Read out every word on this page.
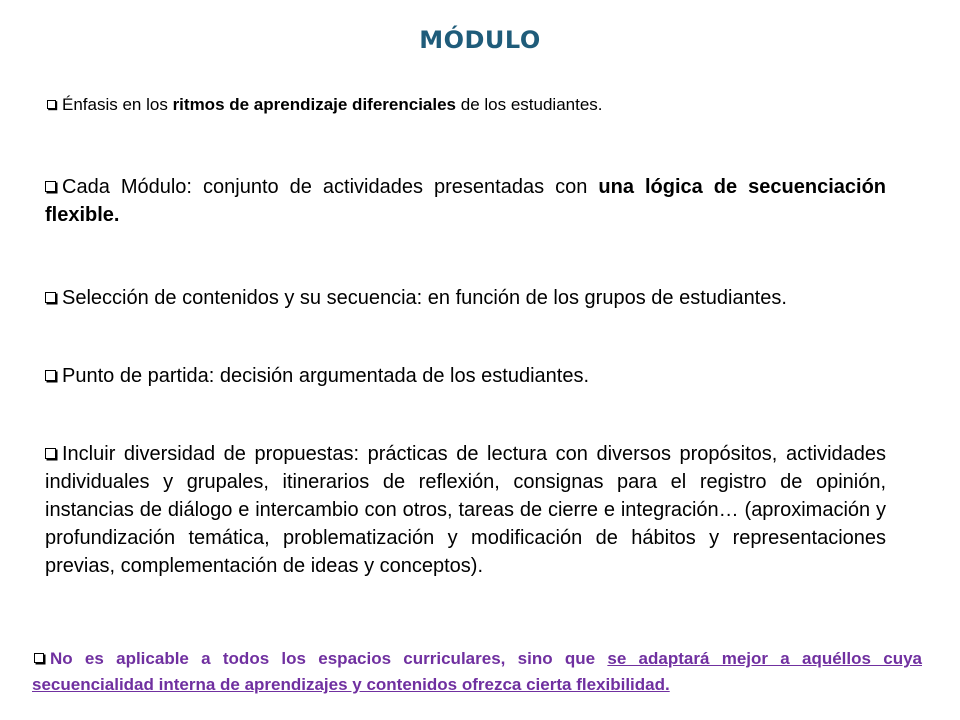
MÓDULO
Énfasis en los ritmos de aprendizaje diferenciales de los estudiantes.
Cada Módulo: conjunto de actividades presentadas con una lógica de secuenciación flexible.
Selección de contenidos y su secuencia: en función de los grupos de estudiantes.
Punto de partida: decisión argumentada de los estudiantes.
Incluir diversidad de propuestas: prácticas de lectura con diversos propósitos, actividades individuales y grupales, itinerarios de reflexión, consignas para el registro de opinión, instancias de diálogo e intercambio con otros, tareas de cierre e integración… (aproximación y profundización temática, problematización y modificación de hábitos y representaciones previas, complementación de ideas y conceptos).
No es aplicable a todos los espacios curriculares, sino que se adaptará mejor a aquéllos cuya secuencialidad interna de aprendizajes y contenidos ofrezca cierta flexibilidad.
